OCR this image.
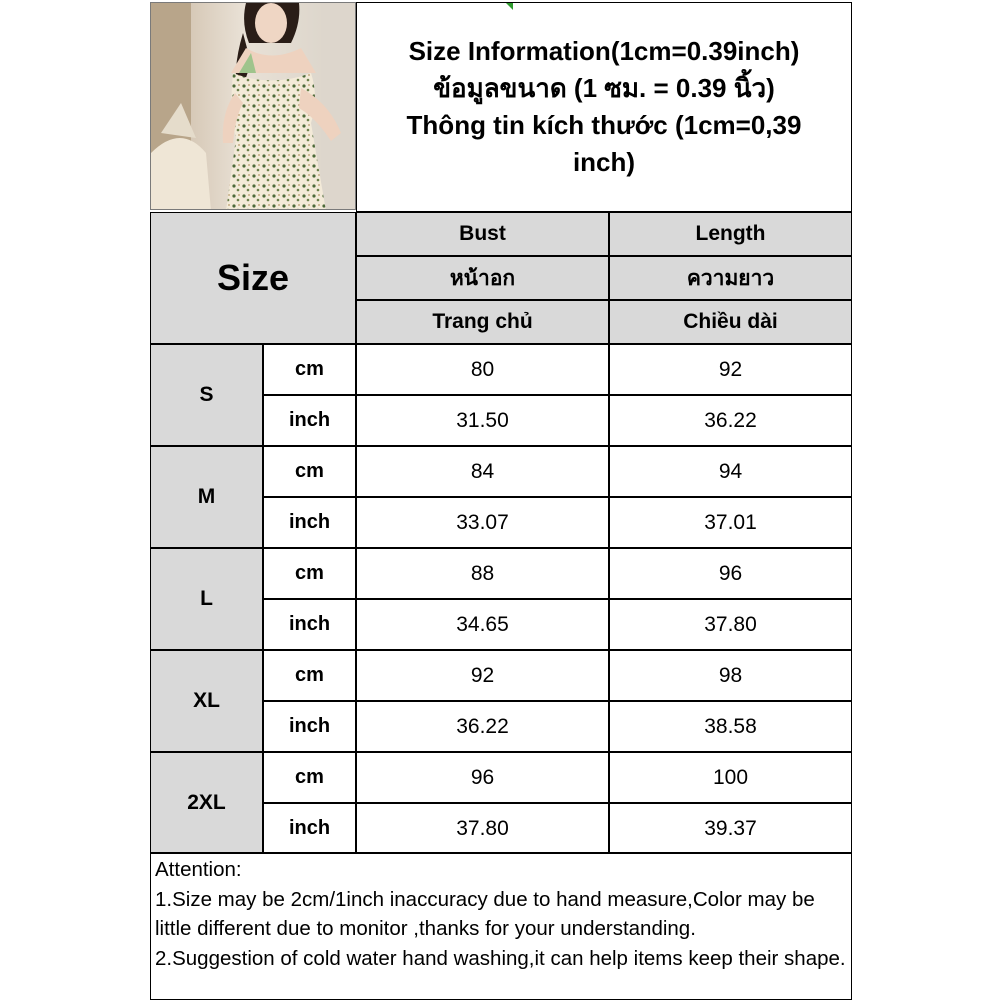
Size Information(1cm=0.39inch)
ข้อมูลขนาด (1 ซม. = 0.39 นิ้ว)
Thông tin kích thước (1cm=0,39
inch)
Size
Bust	Length
หน้าอก	ความยาว
Trang chủ	Chiều dài
S
cm	80	92
inch	31.50	36.22
M
cm	84	94
inch	33.07	37.01
L
cm	88	96
inch	34.65	37.80
XL
cm	92	98
inch	36.22	38.58
2XL
cm	96	100
inch	37.80	39.37
Attention:
1.Size may be 2cm/1inch inaccuracy due to hand measure,Color may be little different due to monitor ,thanks for your understanding.
2.Suggestion of cold water hand washing,it can help items keep their shape.
